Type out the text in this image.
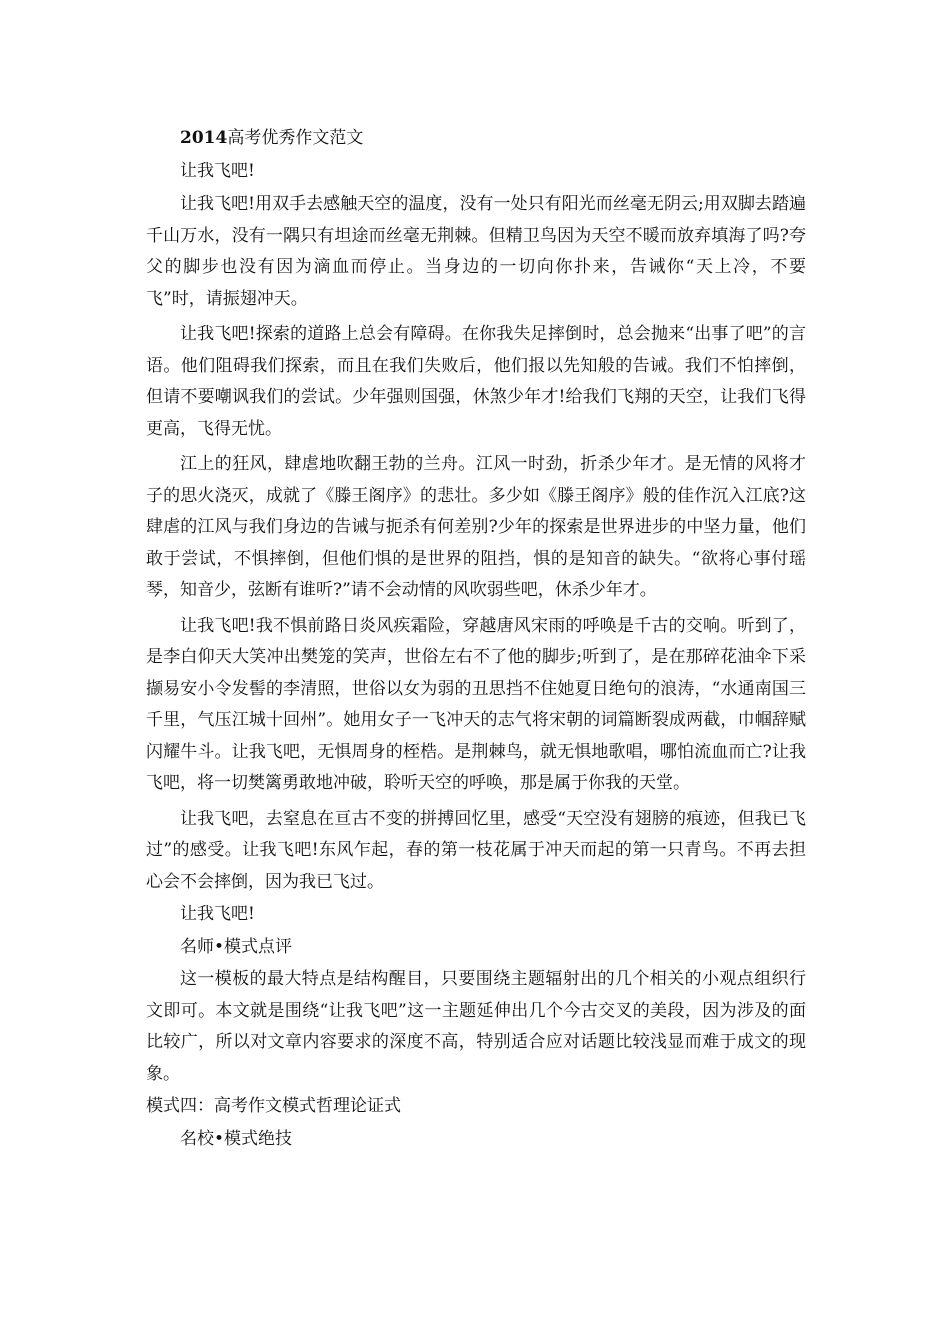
2014高考优秀作文范文

让我飞吧!

让我飞吧!用双手去感触天空的温度，没有一处只有阳光而丝毫无阴云;用双脚去踏遍千山万水，没有一隅只有坦途而丝毫无荆棘。但精卫鸟因为天空不暖而放弃填海了吗?夸父的脚步也没有因为滴血而停止。当身边的一切向你扑来，告诫你“天上冷，不要飞”时，请振翅冲天。

让我飞吧!探索的道路上总会有障碍。在你我失足摔倒时，总会抛来“出事了吧”的言语。他们阻碍我们探索，而且在我们失败后，他们报以先知般的告诫。我们不怕摔倒，但请不要嘲讽我们的尝试。少年强则国强，休煞少年才!给我们飞翔的天空，让我们飞得更高，飞得无忧。

江上的狂风，肆虐地吹翻王勃的兰舟。江风一时劲，折杀少年才。是无情的风将才子的思火浇灭，成就了《滕王阁序》的悲壮。多少如《滕王阁序》般的佳作沉入江底?这肆虐的江风与我们身边的告诫与扼杀有何差别?少年的探索是世界进步的中坚力量，他们敢于尝试，不惧摔倒，但他们惧的是世界的阻挡，惧的是知音的缺失。“欲将心事付瑶琴，知音少，弦断有谁听?”请不会动情的风吹弱些吧，休杀少年才。

让我飞吧!我不惧前路日炎风疾霜险，穿越唐风宋雨的呼唤是千古的交响。听到了，是李白仰天大笑冲出樊笼的笑声，世俗左右不了他的脚步;听到了，是在那碎花油伞下采撷易安小令发髻的李清照，世俗以女为弱的丑思挡不住她夏日绝句的浪涛，“水通南国三千里，气压江城十回州”。她用女子一飞冲天的志气将宋朝的词篇断裂成两截，巾帼辞赋闪耀牛斗。让我飞吧，无惧周身的桎梏。是荆棘鸟，就无惧地歌唱，哪怕流血而亡?让我飞吧，将一切樊篱勇敢地冲破，聆听天空的呼唤，那是属于你我的天堂。

让我飞吧，去窒息在亘古不变的拼搏回忆里，感受“天空没有翅膀的痕迹，但我已飞过”的感受。让我飞吧!东风乍起，春的第一枝花属于冲天而起的第一只青鸟。不再去担心会不会摔倒，因为我已飞过。

让我飞吧!

名师•模式点评

这一模板的最大特点是结构醒目，只要围绕主题辐射出的几个相关的小观点组织行文即可。本文就是围绕“让我飞吧”这一主题延伸出几个今古交叉的美段，因为涉及的面比较广，所以对文章内容要求的深度不高，特别适合应对话题比较浅显而难于成文的现象。

模式四：高考作文模式哲理论证式

名校•模式绝技
